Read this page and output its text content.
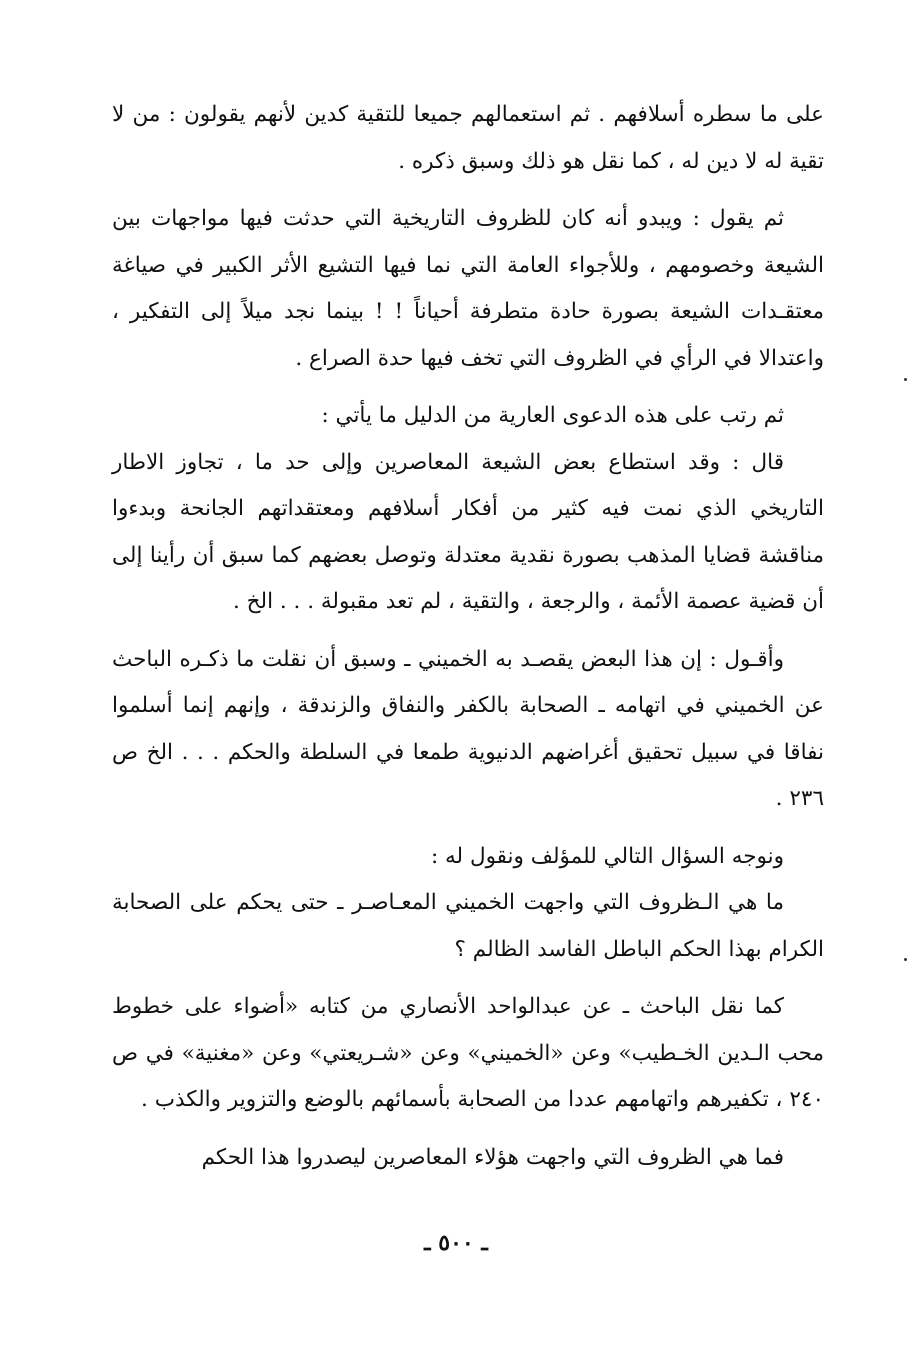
على ما سطره أسلافهم . ثم استعمالهم جميعا للتقية كدين لأنهم يقولون : من لا تقية له لا دين له ، كما نقل هو ذلك وسبق ذكره .

ثم يقول : ويبدو أنه كان للظروف التاريخية التي حدثت فيها مواجهات بين الشيعة وخصومهم ، وللأجواء العامة التي نما فيها التشيع الأثر الكبير في صياغة معتقـدات الشيعة بصورة حادة متطرفة أحياناً ! ! بينما نجد ميلاً إلى التفكير ، واعتدالا في الرأي في الظروف التي تخف فيها حدة الصراع .

ثم رتب على هذه الدعوى العارية من الدليل ما يأتي :

قال : وقد استطاع بعض الشيعة المعاصرين وإلى حد ما ، تجاوز الاطار التاريخي الذي نمت فيه كثير من أفكار أسلافهم ومعتقداتهم الجانحة وبدءوا مناقشة قضايا المذهب بصورة نقدية معتدلة وتوصل بعضهم كما سبق أن رأينا إلى أن قضية عصمة الأئمة ، والرجعة ، والتقية ، لم تعد مقبولة . . . الخ .

وأقـول : إن هذا البعض يقصـد به الخميني ـ وسبق أن نقلت ما ذكـره الباحث عن الخميني في اتهامه ـ الصحابة بالكفر والنفاق والزندقة ، وإنهم إنما أسلموا نفاقا في سبيل تحقيق أغراضهم الدنيوية طمعا في السلطة والحكم . . . الخ ص ٢٣٦ .

ونوجه السؤال التالي للمؤلف ونقول له :

ما هي الـظروف التي واجهت الخميني المعـاصـر ـ حتى يحكم على الصحابة الكرام بهذا الحكم الباطل الفاسد الظالم ؟

كما نقل الباحث ـ عن عبدالواحد الأنصاري من كتابه «أضواء على خطوط محب الـدين الخـطيب» وعن «الخميني» وعن «شـريعتي» وعن «مغنية» في ص ٢٤٠ ، تكفيرهم واتهامهم عددا من الصحابة بأسمائهم بالوضع والتزوير والكذب .

فما هي الظروف التي واجهت هؤلاء المعاصرين ليصدروا هذا الحكم

ـ ٥٠٠ ـ
